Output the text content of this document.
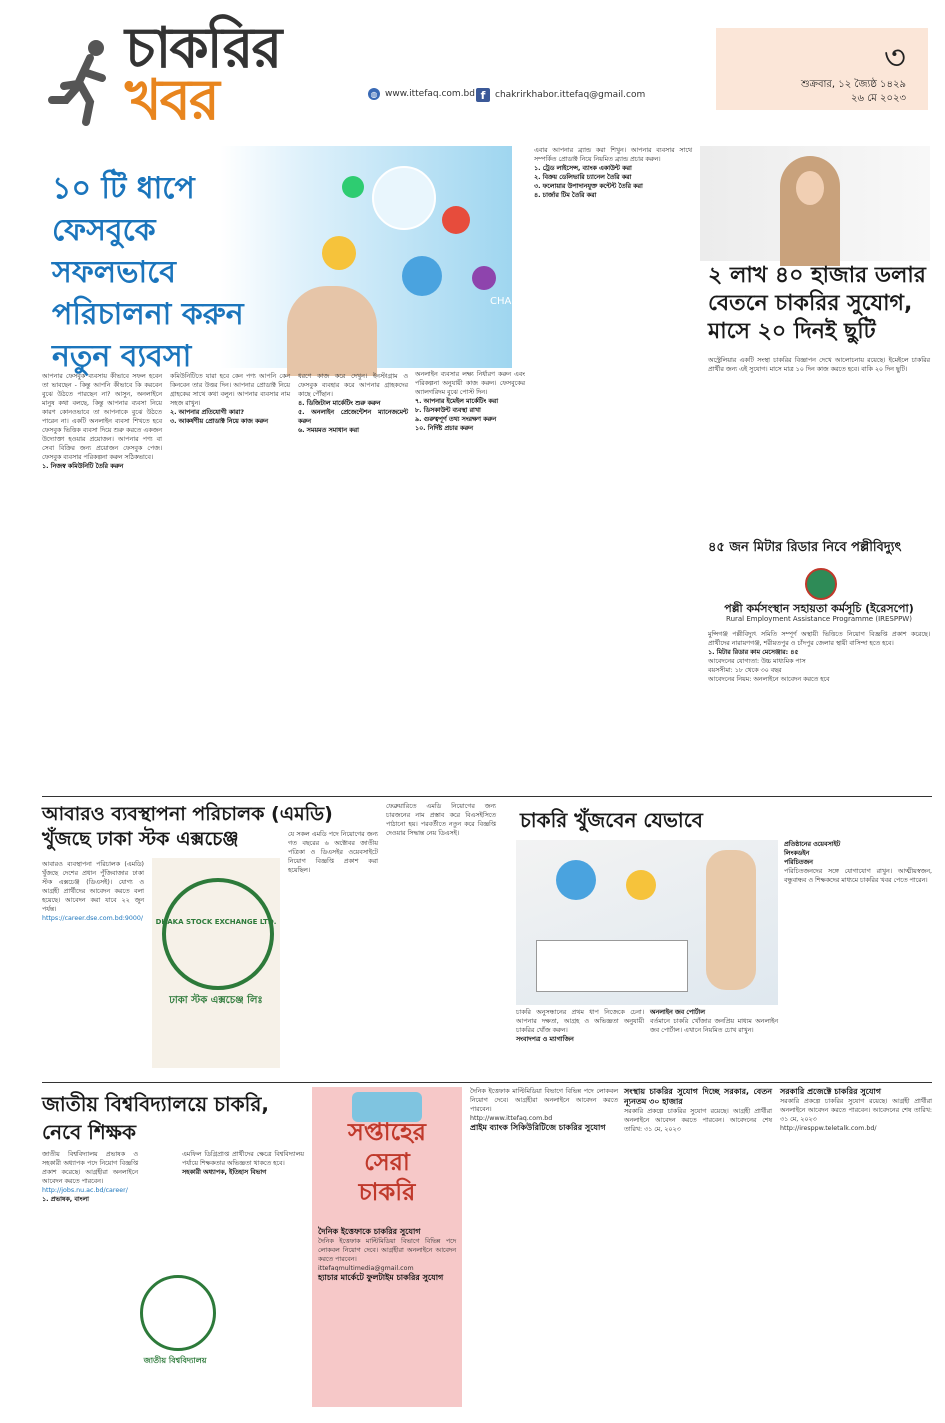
চাকরির
খবর	◍ www.ittefaq.com.bd f	chakrirkhabor.ittefaq@gmail.com
৩
শুক্রবার, ১২ জ্যৈষ্ঠ ১৪২৯
২৬ মে ২০২৩
১০ টি ধাপে ফেসবুকে সফলভাবে পরিচালনা করুন নতুন ব্যবসা
CHANGE
আপনার ফেসবুক ব্যবসায় কীভাবে সফল হবেন তা ভাবছেন - কিন্তু আপনি কীভাবে কি করবেন বুঝে উঠতে পারছেন না? আসুন, অনলাইনে মানুষ কথা বলছে, কিন্তু আপনার ব্যবসা নিয়ে কারণ কোনওভাবে তা আপনাকে বুঝে উঠতে পারেন না। একটি অনলাইন ব্যবসা শিখতে হবে ফেসবুক ভিত্তিক ব্যবসা দিয়ে শুরু করতে একজন উদ্যোক্তা হওয়ার প্রয়োজন। আপনার পণ্য বা সেবা বিক্রির জন্য প্রয়োজন ফেসবুক পেজ। ফেসবুক ব্যবসার পরিকল্পনা করুন সঠিকভাবে।
১. নিজস্ব কমিউনিটি তৈরি করুন
কমিউনিটিতে যারা হবে কেন পণ্য আপনি কেন কিনবেন তার উত্তর দিন। আপনার প্রোডাক্ট নিয়ে গ্রাহকের সাথে কথা বলুন। আপনার ব্যবসার নাম সহজ রাখুন।
২. আপনার প্রতিযোগী কারা?
৩. আকর্ষণীয় প্রোডাক্ট নিয়ে কাজ করুন
ধরণে কাজ করে দেখুন। ইনস্টাগ্রাম ও ফেসবুক ব্যবহার করে আপনার গ্রাহকদের কাছে পৌঁছান।
৪. ডিজিটাল মার্কেটিং শুরু করুন
৫. অনলাইন প্রেজেন্টেশন ম্যানেজমেন্ট করুন
৬. সময়মত সমাধান করা
অনলাইন ব্যবসার লক্ষ্য নির্ধারণ করুন এবং পরিকল্পনা অনুযায়ী কাজ করুন। ফেসবুকের অ্যালগরিদম বুঝে পোস্ট দিন।
৭. আপনার ইমেইল মার্কেটিং করা
৮. ডিসকাউন্ট ব্যবস্থা রাখা
৯. গুরুত্বপূর্ণ তথ্য সংরক্ষণ করুন
১০. নির্দিষ্ট প্রচার করুন
এবার আপনার ব্র্যান্ড করা শিখুন। আপনার ব্যবসার সাথে সম্পর্কিত প্রোডাক্ট নিয়ে নিয়মিত ব্র্যান্ড প্রচার করুন।
১. ট্রেড লাইসেন্স, ব্যাংক একাউন্ট করা
২. বিক্রয় ডেলিভারি চ্যানেল তৈরি করা
৩. ফলোয়ার উপাদানযুক্ত কন্টেন্ট তৈরি করা
৪. চার্জার টিম তৈরি করা
২ লাখ ৪০ হাজার ডলার বেতনে চাকরির সুযোগ, মাসে ২০ দিনই ছুটি
অস্ট্রেলিয়ার একটি সংস্থা চাকরির বিজ্ঞাপন দেখে আলোচনায় রয়েছে। ইমেইলে চাকরির প্রার্থীর জন্য এই সুযোগ। মাসে মাত্র ১০ দিন কাজ করতে হবে। বাকি ২০ দিন ছুটি।
৪৫ জন মিটার রিডার নিবে পল্লীবিদ্যুৎ
পল্লী কর্মসংস্থান সহায়তা কর্মসূচি (ইরেসপো)
Rural Employment Assistance Programme (IRESPPW)
মুন্সিগঞ্জ পল্লীবিদ্যুৎ সমিতি সম্পূর্ণ অস্থায়ী ভিত্তিতে নিয়োগ বিজ্ঞপ্তি প্রকাশ করেছে। প্রার্থীদের নারায়ণগঞ্জ, শরীয়তপুর ও চাঁদপুর জেলার স্থায়ী বাসিন্দা হতে হবে।
১. মিটার রিডার কাম মেসেঞ্জার: ৪৫
আবেদনের যোগ্যতা: উচ্চ মাধ্যমিক পাস
বয়সসীমা: ১৮ থেকে ৩০ বছর
আবেদনের নিয়ম: অনলাইনে আবেদন করতে হবে
আবারও ব্যবস্থাপনা পরিচালক (এমডি) খুঁজছে ঢাকা স্টক এক্সচেঞ্জ
আবারও ব্যবস্থাপনা পরিচালক (এমডি) খুঁজছে দেশের প্রধান পুঁজিবাজার ঢাকা স্টক এক্সচেঞ্জ (ডিএসই)। যোগ্য ও আগ্রহী প্রার্থীদের আবেদন করতে বলা হয়েছে। আবেদন করা যাবে ২২ জুন পর্যন্ত।
https://career.dse.com.bd:9000/	DHAKA STOCK EXCHANGE LTD.
ঢাকা স্টক এক্সচেঞ্জ লিঃ
যে সকল এমডি পদে নিয়োগের জন্য গত বছরের ৬ অক্টোবর জাতীয় পত্রিকা ও ডিএসইর ওয়েবসাইটে নিয়োগ বিজ্ঞপ্তি প্রকাশ করা হয়েছিল।
ফেব্রুয়ারিতে এমডি নিয়োগের জন্য চারজনের নাম প্রস্তাব করে বিএসইসিতে পাঠানো হয়। পরবর্তীতে নতুন করে বিজ্ঞপ্তি দেওয়ার সিদ্ধান্ত নেয় ডিএসই।
চাকরি খুঁজবেন যেভাবে
চাকরি অনুসন্ধানের প্রথম ধাপ নিজেকে চেনা। আপনার দক্ষতা, আগ্রহ ও অভিজ্ঞতা অনুযায়ী চাকরির খোঁজ করুন।
সংবাদপত্র ও ম্যাগাজিন
অনলাইন জব পোর্টাল
বর্তমানে চাকরি খোঁজার জনপ্রিয় মাধ্যম অনলাইন জব পোর্টাল। এখানে নিয়মিত চোখ রাখুন।
প্রতিষ্ঠানের ওয়েবসাইট
লিংকডইন
পরিচিতজন
পরিচিতজনদের সঙ্গে যোগাযোগ রাখুন। আত্মীয়স্বজন, বন্ধুবান্ধব ও শিক্ষকদের মাধ্যমে চাকরির খবর পেতে পারেন।
জাতীয় বিশ্ববিদ্যালয়ে চাকরি, নেবে শিক্ষক
জাতীয় বিশ্ববিদ্যালয় প্রভাষক ও সহকারী অধ্যাপক পদে নিয়োগ বিজ্ঞপ্তি প্রকাশ করেছে। আগ্রহীরা অনলাইনে আবেদন করতে পারবেন।
http://jobs.nu.ac.bd/career/
১. প্রভাষক, বাংলা
এমফিল ডিগ্রিপ্রাপ্ত প্রার্থীদের ক্ষেত্রে বিশ্ববিদ্যালয় পর্যায়ে শিক্ষকতার অভিজ্ঞতা থাকতে হবে।
সহকারী অধ্যাপক, ইতিহাস বিভাগ
জাতীয় বিশ্ববিদ্যালয়
সপ্তাহের
সেরা
চাকরি
দৈনিক ইত্তেফাকে চাকরির সুযোগ
দৈনিক ইত্তেফাক মাল্টিমিডিয়া বিভাগে বিভিন্ন পদে লোকবল নিয়োগ দেবে। আগ্রহীরা অনলাইনে আবেদন করতে পারবেন।
ittefaqmultimedia@gmail.com
হ্যাচার মার্কেটে ফুলটাইম চাকরির সুযোগ
দৈনিক ইত্তেফাক মাল্টিমিডিয়া বিভাগে বিভিন্ন পদে লোকবল নিয়োগ দেবে। আগ্রহীরা অনলাইনে আবেদন করতে পারবেন।
http://www.ittefaq.com.bd
প্রাইম ব্যাংক সিকিউরিটিজে চাকরির সুযোগ
সংস্থায় চাকরির সুযোগ দিচ্ছে সরকার, বেতন ন্যূনতম ৩০ হাজার
সরকারি প্রকল্পে চাকরির সুযোগ রয়েছে। আগ্রহী প্রার্থীরা অনলাইনে আবেদন করতে পারবেন। আবেদনের শেষ তারিখ: ৩১ মে, ২০২৩
সরকারি প্রজেক্টে চাকরির সুযোগ
সরকারি প্রকল্পে চাকরির সুযোগ রয়েছে। আগ্রহী প্রার্থীরা অনলাইনে আবেদন করতে পারবেন। আবেদনের শেষ তারিখ: ৩১ মে, ২০২৩
http://iresppw.teletalk.com.bd/
